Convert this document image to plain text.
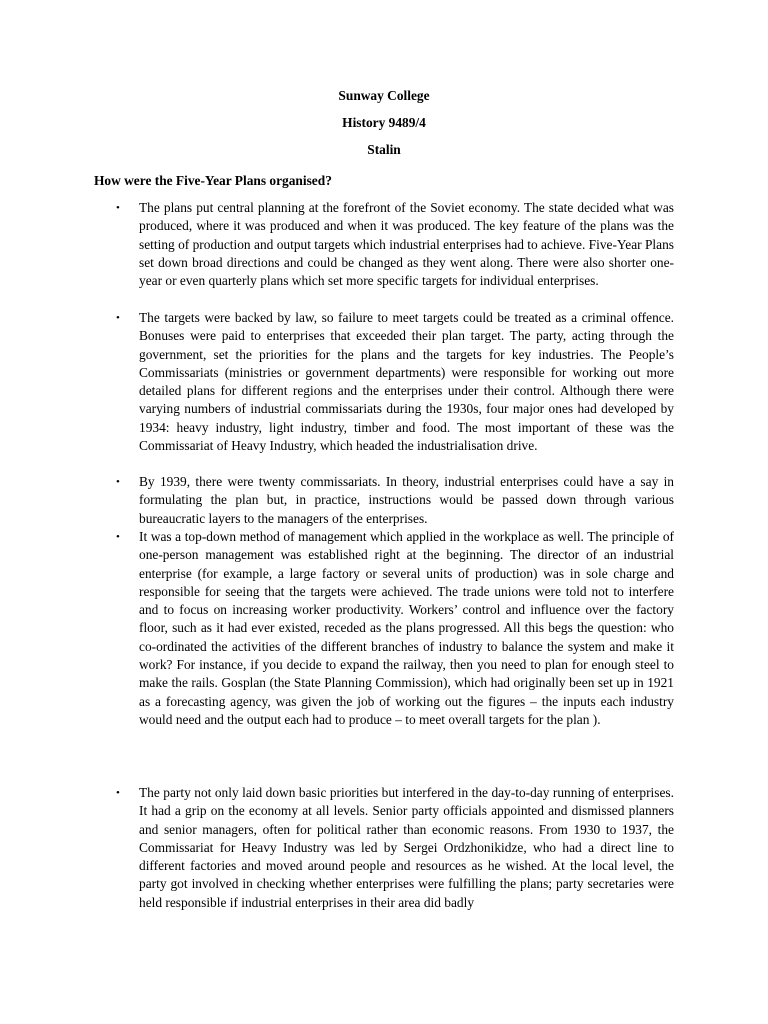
Sunway College
History 9489/4
Stalin
How were the Five-Year Plans organised?
• The plans put central planning at the forefront of the Soviet economy. The state decided what was produced, where it was produced and when it was produced. The key feature of the plans was the setting of production and output targets which industrial enterprises had to achieve. Five-Year Plans set down broad directions and could be changed as they went along. There were also shorter one-year or even quarterly plans which set more specific targets for individual enterprises.
• The targets were backed by law, so failure to meet targets could be treated as a criminal offence. Bonuses were paid to enterprises that exceeded their plan target. The party, acting through the government, set the priorities for the plans and the targets for key industries. The People’s Commissariats (ministries or government departments) were responsible for working out more detailed plans for different regions and the enterprises under their control. Although there were varying numbers of industrial commissariats during the 1930s, four major ones had developed by 1934: heavy industry, light industry, timber and food. The most important of these was the Commissariat of Heavy Industry, which headed the industrialisation drive.
• By 1939, there were twenty commissariats. In theory, industrial enterprises could have a say in formulating the plan but, in practice, instructions would be passed down through various bureaucratic layers to the managers of the enterprises.
• It was a top-down method of management which applied in the workplace as well. The principle of one-person management was established right at the beginning. The director of an industrial enterprise (for example, a large factory or several units of production) was in sole charge and responsible for seeing that the targets were achieved. The trade unions were told not to interfere and to focus on increasing worker productivity. Workers’ control and influence over the factory floor, such as it had ever existed, receded as the plans progressed. All this begs the question: who co-ordinated the activities of the different branches of industry to balance the system and make it work? For instance, if you decide to expand the railway, then you need to plan for enough steel to make the rails. Gosplan (the State Planning Commission), which had originally been set up in 1921 as a forecasting agency, was given the job of working out the figures – the inputs each industry would need and the output each had to produce – to meet overall targets for the plan ).
• The party not only laid down basic priorities but interfered in the day-to-day running of enterprises. It had a grip on the economy at all levels. Senior party officials appointed and dismissed planners and senior managers, often for political rather than economic reasons. From 1930 to 1937, the Commissariat for Heavy Industry was led by Sergei Ordzhonikidze, who had a direct line to different factories and moved around people and resources as he wished. At the local level, the party got involved in checking whether enterprises were fulfilling the plans; party secretaries were held responsible if industrial enterprises in their area did badly
